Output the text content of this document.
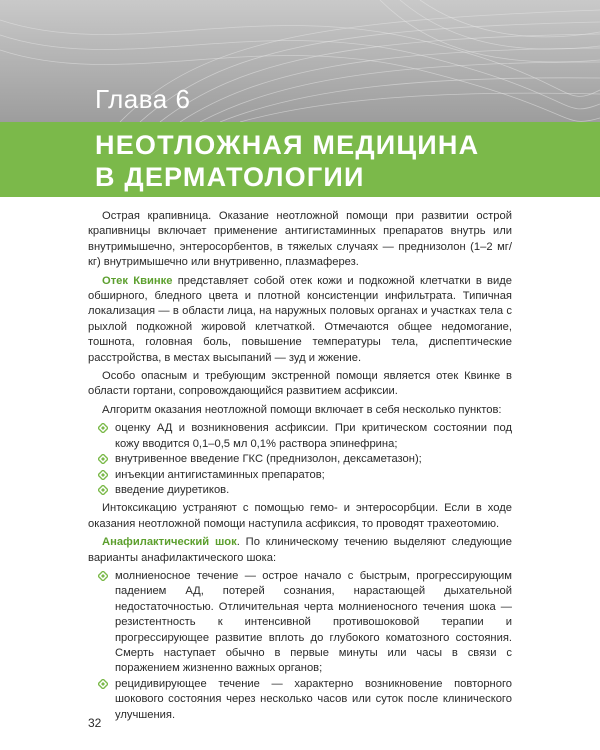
Глава 6
НЕОТЛОЖНАЯ МЕДИЦИНА
В ДЕРМАТОЛОГИИ

Острая крапивница. Оказание неотложной помощи при развитии острой крапивницы включает применение антигистаминных препаратов внутрь или внутримышечно, энтеросорбентов, в тяжелых случаях — преднизолон (1–2 мг/кг) внутримышечно или внутривенно, плазмаферез.

Отек Квинке представляет собой отек кожи и подкожной клетчатки в виде обширного, бледного цвета и плотной консистенции инфильтрата. Типичная локализация — в области лица, на наружных половых органах и участках тела с рыхлой подкожной жировой клетчаткой. Отмечаются общее недомогание, тошнота, головная боль, повышение температуры тела, диспептические расстройства, в местах высыпаний — зуд и жжение.

Особо опасным и требующим экстренной помощи является отек Квинке в области гортани, сопровождающийся развитием асфиксии.

Алгоритм оказания неотложной помощи включает в себя несколько пунктов:

оценку АД и возникновения асфиксии. При критическом состоянии под кожу вводится 0,1–0,5 мл 0,1% раствора эпинефрина;
внутривенное введение ГКС (преднизолон, дексаметазон);
инъекции антигистаминных препаратов;
введение диуретиков.

Интоксикацию устраняют с помощью гемо- и энтеросорбции. Если в ходе оказания неотложной помощи наступила асфиксия, то проводят трахеотомию.

Анафилактический шок. По клиническому течению выделяют следующие варианты анафилактического шока:

молниеносное течение — острое начало с быстрым, прогрессирующим падением АД, потерей сознания, нарастающей дыхательной недостаточностью. Отличительная черта молниеносного течения шока — резистентность к интенсивной противошоковой терапии и прогрессирующее развитие вплоть до глубокого коматозного состояния. Смерть наступает обычно в первые минуты или часы в связи с поражением жизненно важных органов;
рецидивирующее течение — характерно возникновение повторного шокового состояния через несколько часов или суток после клинического улучшения.
32
